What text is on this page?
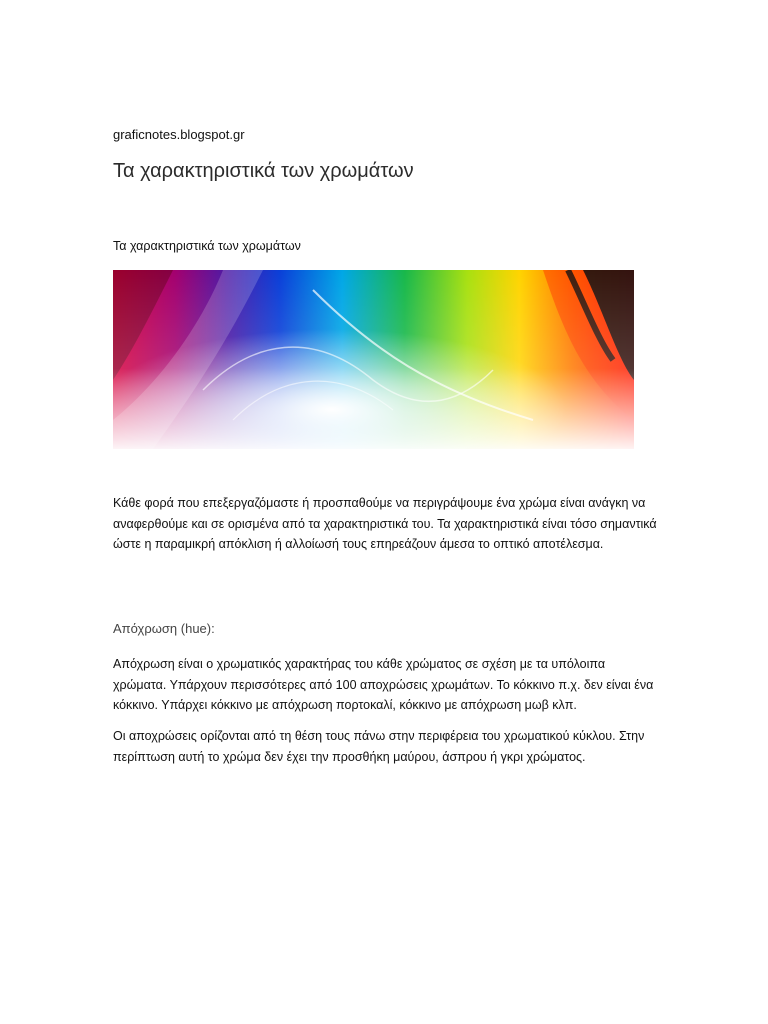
graficnotes.blogspot.gr
Τα χαρακτηριστικά των χρωμάτων
Τα χαρακτηριστικά των χρωμάτων

Κάθε φορά που επεξεργαζόμαστε ή προσπαθούμε να περιγράψουμε ένα χρώμα είναι ανάγκη να αναφερθούμε και σε ορισμένα από τα χαρακτηριστικά του. Τα χαρακτηριστικά είναι τόσο σημαντικά ώστε η παραμικρή απόκλιση ή αλλοίωσή τους επηρεάζουν άμεσα το οπτικό αποτέλεσμα.

Απόχρωση (hue):

Απόχρωση είναι ο χρωματικός χαρακτήρας του κάθε χρώματος σε σχέση με τα υπόλοιπα χρώματα. Υπάρχουν περισσότερες από 100 αποχρώσεις χρωμάτων. Το κόκκινο π.χ. δεν είναι ένα κόκκινο. Υπάρχει κόκκινο με απόχρωση πορτοκαλί, κόκκινο με απόχρωση μωβ κλπ.

Οι αποχρώσεις ορίζονται από τη θέση τους πάνω στην περιφέρεια του χρωματικού κύκλου. Στην περίπτωση αυτή το χρώμα δεν έχει την προσθήκη μαύρου, άσπρου ή γκρι χρώματος.
